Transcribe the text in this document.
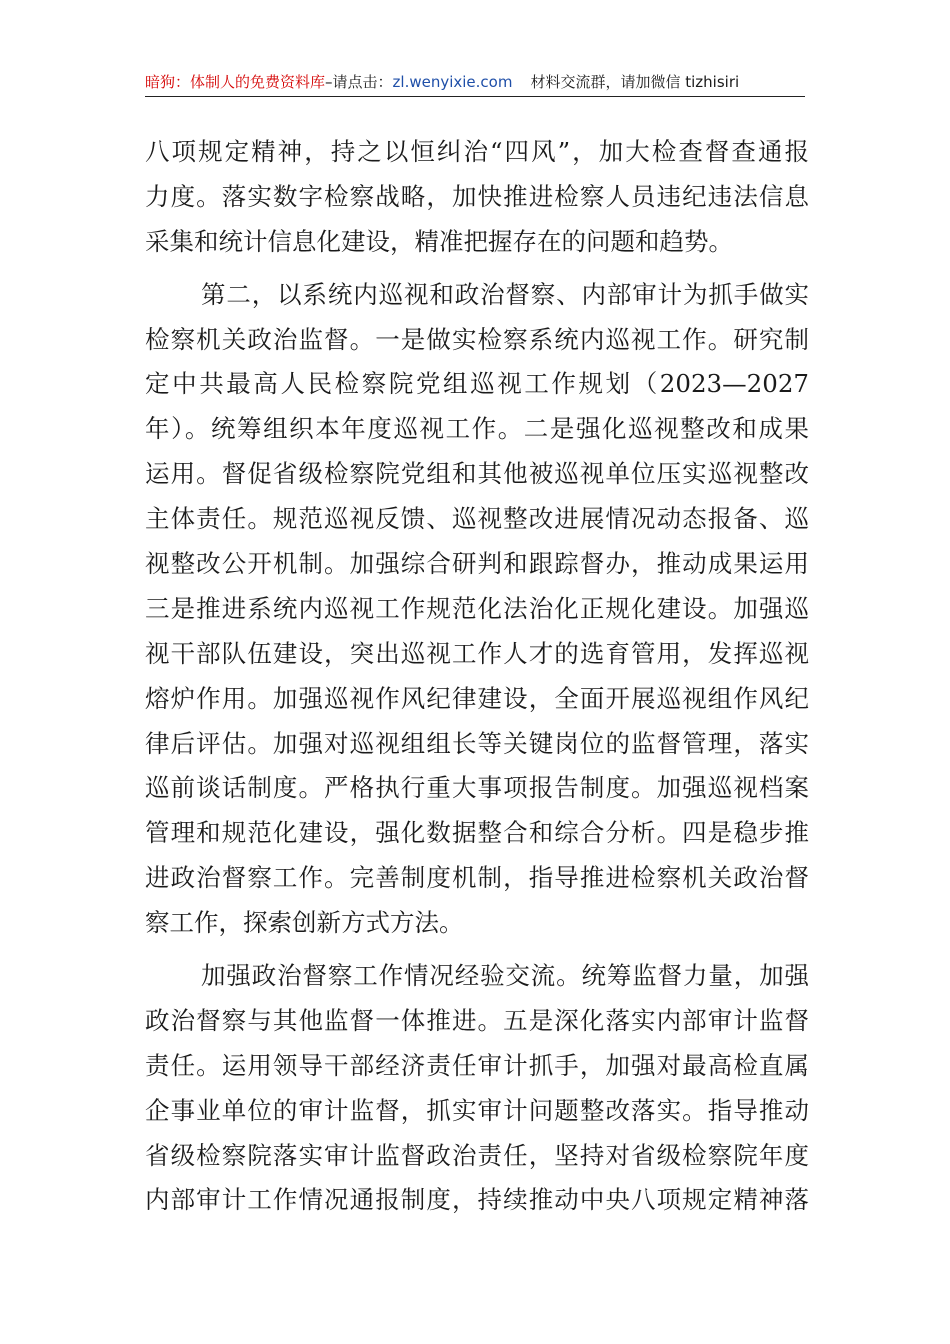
暗狗：体制人的免费资料库–请点击：zl.wenyixie.com 材料交流群，请加微信 tizhisiri
八项规定精神，持之以恒纠治“四风”，加大检查督查通报
力度。落实数字检察战略，加快推进检察人员违纪违法信息
采集和统计信息化建设，精准把握存在的问题和趋势。
第二，以系统内巡视和政治督察、内部审计为抓手做实
检察机关政治监督。一是做实检察系统内巡视工作。研究制
定中共最高人民检察院党组巡视工作规划（2023—2027
年）。统筹组织本年度巡视工作。二是强化巡视整改和成果
运用。督促省级检察院党组和其他被巡视单位压实巡视整改
主体责任。规范巡视反馈、巡视整改进展情况动态报备、巡
视整改公开机制。加强综合研判和跟踪督办，推动成果运用
三是推进系统内巡视工作规范化法治化正规化建设。加强巡
视干部队伍建设，突出巡视工作人才的选育管用，发挥巡视
熔炉作用。加强巡视作风纪律建设，全面开展巡视组作风纪
律后评估。加强对巡视组组长等关键岗位的监督管理，落实
巡前谈话制度。严格执行重大事项报告制度。加强巡视档案
管理和规范化建设，强化数据整合和综合分析。四是稳步推
进政治督察工作。完善制度机制，指导推进检察机关政治督
察工作，探索创新方式方法。
加强政治督察工作情况经验交流。统筹监督力量，加强
政治督察与其他监督一体推进。五是深化落实内部审计监督
责任。运用领导干部经济责任审计抓手，加强对最高检直属
企事业单位的审计监督，抓实审计问题整改落实。指导推动
省级检察院落实审计监督政治责任，坚持对省级检察院年度
内部审计工作情况通报制度，持续推动中央八项规定精神落
